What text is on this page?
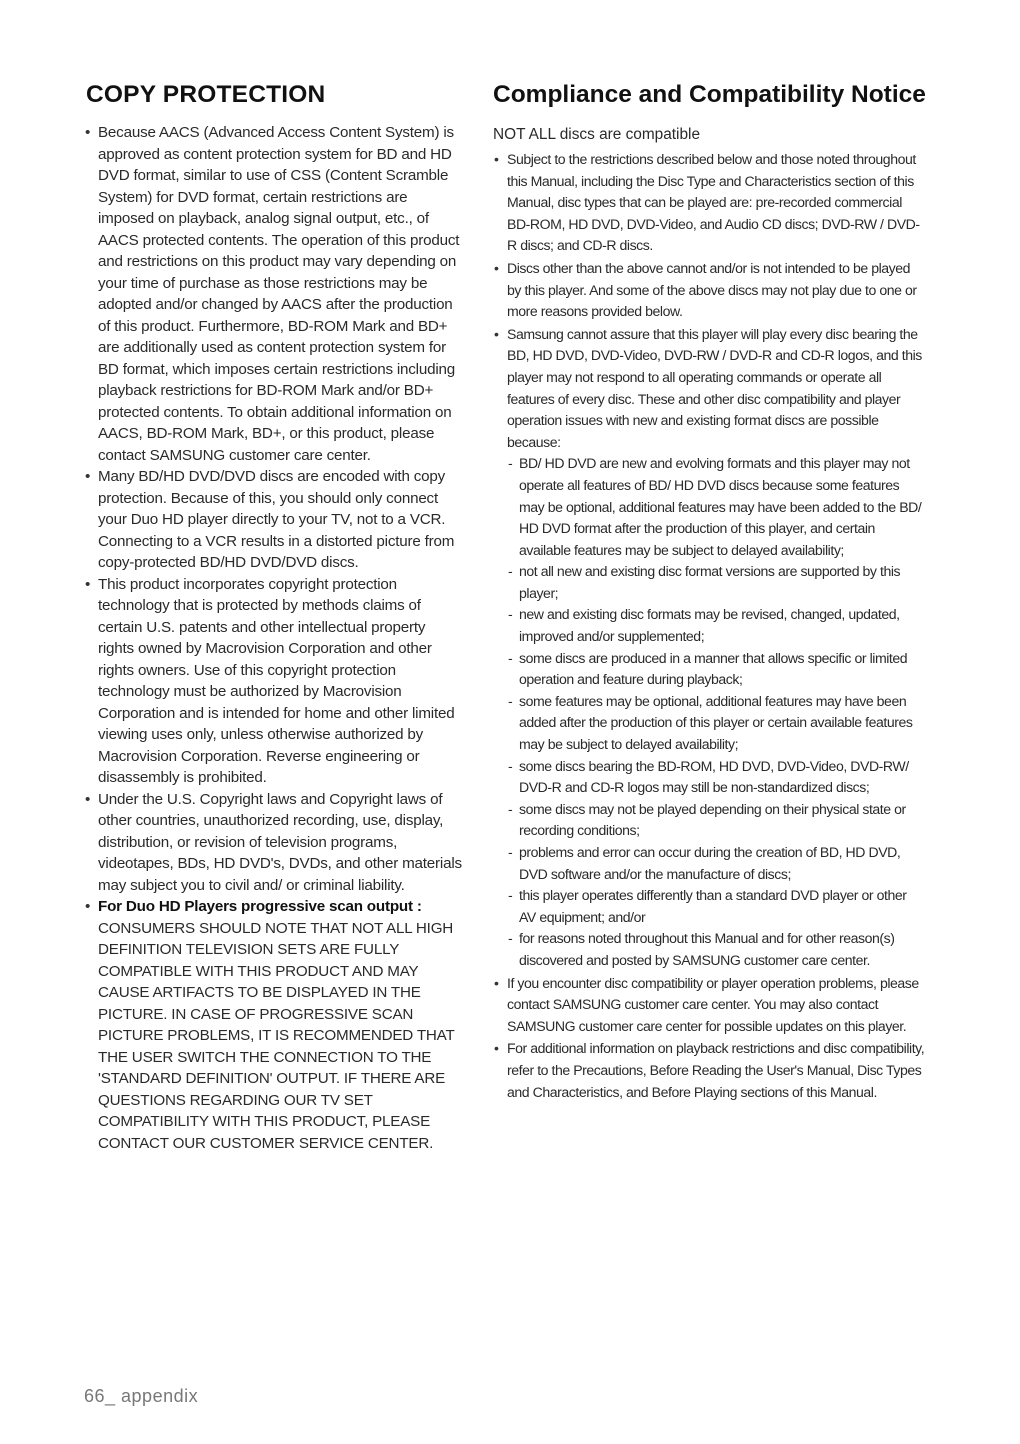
COPY PROTECTION
• Because AACS (Advanced Access Content System) is approved as content protection system for BD and HD DVD format, similar to use of CSS (Content Scramble System) for DVD format, certain restrictions are imposed on playback, analog signal output, etc., of AACS protected contents. The operation of this product and restrictions on this product may vary depending on your time of purchase as those restrictions may be adopted and/or changed by AACS after the production of this product. Furthermore, BD-ROM Mark and BD+ are additionally used as content protection system for BD format, which imposes certain restrictions including playback restrictions for BD-ROM Mark and/or BD+ protected contents. To obtain additional information on AACS, BD-ROM Mark, BD+, or this product, please contact SAMSUNG customer care center.
• Many BD/HD DVD/DVD discs are encoded with copy protection. Because of this, you should only connect your Duo HD player directly to your TV, not to a VCR. Connecting to a VCR results in a distorted picture from copy-protected BD/HD DVD/DVD discs.
• This product incorporates copyright protection technology that is protected by methods claims of certain U.S. patents and other intellectual property rights owned by Macrovision Corporation and other rights owners. Use of this copyright protection technology must be authorized by Macrovision Corporation and is intended for home and other limited viewing uses only, unless otherwise authorized by Macrovision Corporation. Reverse engineering or disassembly is prohibited.
• Under the U.S. Copyright laws and Copyright laws of other countries, unauthorized recording, use, display, distribution, or revision of television programs, videotapes, BDs, HD DVD's, DVDs, and other materials may subject you to civil and/ or criminal liability.

• For Duo HD Players progressive scan output :

CONSUMERS SHOULD NOTE THAT NOT ALL HIGH DEFINITION TELEVISION SETS ARE FULLY COMPATIBLE WITH THIS PRODUCT AND MAY CAUSE ARTIFACTS TO BE DISPLAYED IN THE PICTURE. IN CASE OF PROGRESSIVE SCAN PICTURE PROBLEMS, IT IS RECOMMENDED THAT THE USER SWITCH THE CONNECTION TO THE 'STANDARD DEFINITION' OUTPUT. IF THERE ARE QUESTIONS REGARDING OUR TV SET COMPATIBILITY WITH THIS PRODUCT, PLEASE CONTACT OUR CUSTOMER SERVICE CENTER.

Compliance and Compatibility Notice

NOT ALL discs are compatible

• Subject to the restrictions described below and those noted throughout this Manual, including the Disc Type and Characteristics section of this Manual, disc types that can be played are: pre-recorded commercial BD-ROM, HD DVD, DVD-Video, and Audio CD discs; DVD-RW / DVD-R discs; and CD-R discs.
• Discs other than the above cannot and/or is not intended to be played by this player. And some of the above discs may not play due to one or more reasons provided below.
• Samsung cannot assure that this player will play every disc bearing the BD, HD DVD, DVD-Video, DVD-RW / DVD-R and CD-R logos, and this player may not respond to all operating commands or operate all features of every disc. These and other disc compatibility and player operation issues with new and existing format discs are possible because:
- BD/ HD DVD are new and evolving formats and this player may not operate all features of BD/ HD DVD discs because some features may be optional, additional features may have been added to the BD/ HD DVD format after the production of this player, and certain available features may be subject to delayed availability;
- not all new and existing disc format versions are supported by this player;
- new and existing disc formats may be revised, changed, updated, improved and/or supplemented;
- some discs are produced in a manner that allows specific or limited operation and feature during playback;
- some features may be optional, additional features may have been added after the production of this player or certain available features may be subject to delayed availability;
- some discs bearing the BD-ROM, HD DVD, DVD-Video, DVD-RW/ DVD-R and CD-R logos may still be non-standardized discs;
- some discs may not be played depending on their physical state or recording conditions;
- problems and error can occur during the creation of BD, HD DVD, DVD software and/or the manufacture of discs;
- this player operates differently than a standard DVD player or other AV equipment; and/or
- for reasons noted throughout this Manual and for other reason(s) discovered and posted by SAMSUNG customer care center.
• If you encounter disc compatibility or player operation problems, please contact SAMSUNG customer care center. You may also contact SAMSUNG customer care center for possible updates on this player.
• For additional information on playback restrictions and disc compatibility, refer to the Precautions, Before Reading the User's Manual, Disc Types and Characteristics, and Before Playing sections of this Manual.
66_ appendix
